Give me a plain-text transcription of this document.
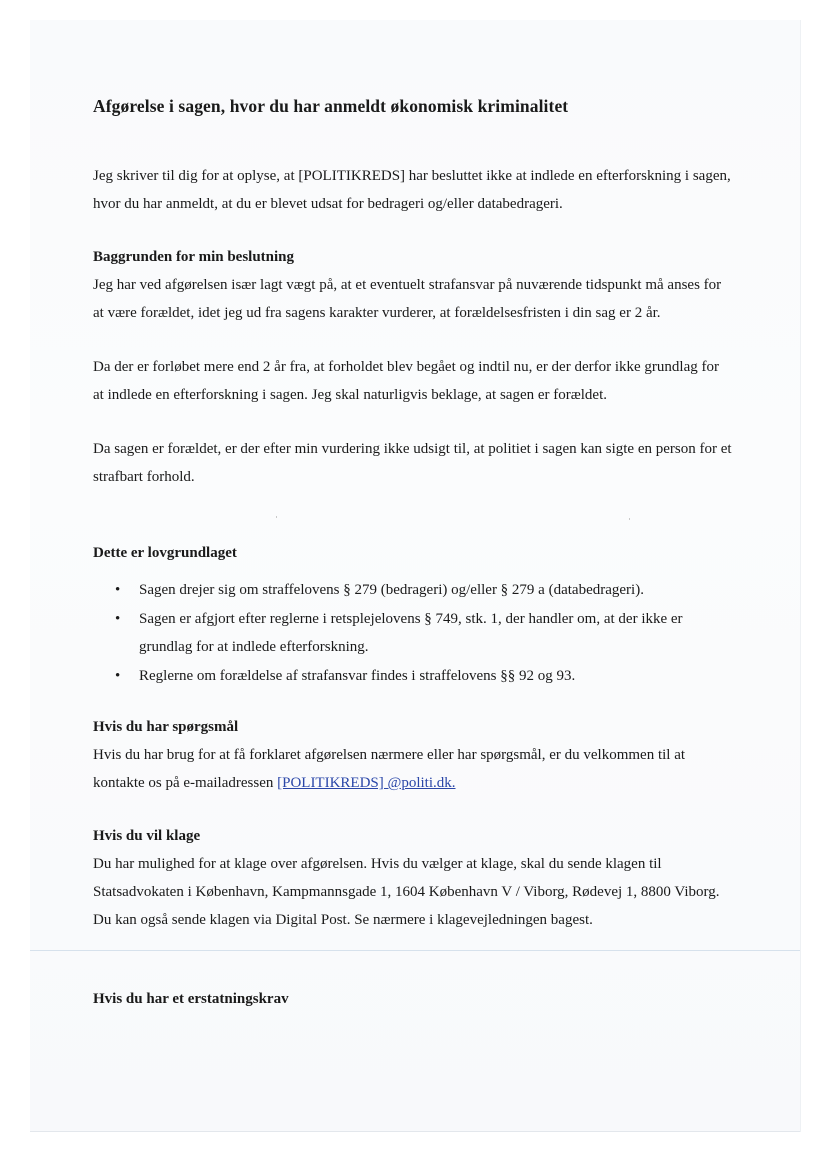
Afgørelse i sagen, hvor du har anmeldt økonomisk kriminalitet

Jeg skriver til dig for at oplyse, at [POLITIKREDS] har besluttet ikke at indlede en efterforskning i sagen, hvor du har anmeldt, at du er blevet udsat for bedrageri og/eller databedrageri.

Baggrunden for min beslutning

Jeg har ved afgørelsen især lagt vægt på, at et eventuelt strafansvar på nuværende tidspunkt må anses for at være forældet, idet jeg ud fra sagens karakter vurderer, at forældelsesfristen i din sag er 2 år.

Da der er forløbet mere end 2 år fra, at forholdet blev begået og indtil nu, er der derfor ikke grundlag for at indlede en efterforskning i sagen. Jeg skal naturligvis beklage, at sagen er forældet.

Da sagen er forældet, er der efter min vurdering ikke udsigt til, at politiet i sagen kan sigte en person for et strafbart forhold.

Dette er lovgrundlaget
• Sagen drejer sig om straffelovens § 279 (bedrageri) og/eller § 279 a (databedrageri).
• Sagen er afgjort efter reglerne i retsplejelovens § 749, stk. 1, der handler om, at der ikke er grundlag for at indlede efterforskning.
• Reglerne om forældelse af strafansvar findes i straffelovens §§ 92 og 93.
Hvis du har spørgsmål

Hvis du har brug for at få forklaret afgørelsen nærmere eller har spørgsmål, er du velkommen til at kontakte os på e-mailadressen [POLITIKREDS] @politi.dk.

Hvis du vil klage

Du har mulighed for at klage over afgørelsen. Hvis du vælger at klage, skal du sende klagen til Statsadvokaten i København, Kampmannsgade 1, 1604 København V / Viborg, Rødevej 1, 8800 Viborg. Du kan også sende klagen via Digital Post. Se nærmere i klagevejledningen bagest.

Hvis du har et erstatningskrav
